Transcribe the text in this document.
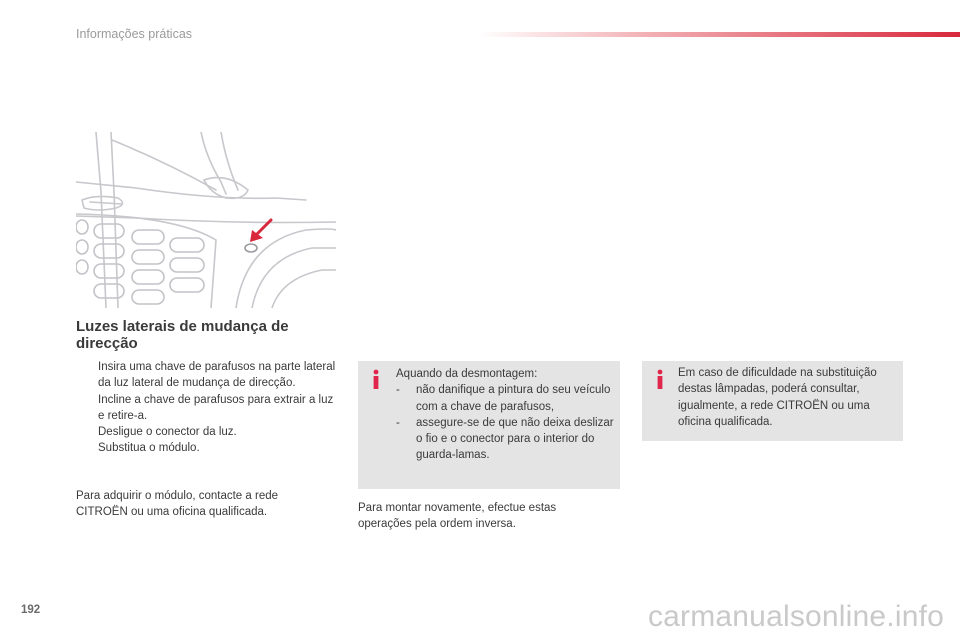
Informações práticas
Luzes laterais de mudança de direcção
Insira uma chave de parafusos na parte lateral da luz lateral de mudança de direcção.
Incline a chave de parafusos para extrair a luz e retire-a.
Desligue o conector da luz.
Substitua o módulo.

Para adquirir o módulo, contacte a rede CITROËN ou uma oficina qualificada.

Aquando da desmontagem:
- não danifique a pintura do seu veículo com a chave de parafusos,
- assegure-se de que não deixa deslizar o fio e o conector para o interior do guarda-lamas.

Para montar novamente, efectue estas operações pela ordem inversa.

Em caso de dificuldade na substituição destas lâmpadas, poderá consultar, igualmente, a rede CITROËN ou uma oficina qualificada.

192	carmanualsonline.info
